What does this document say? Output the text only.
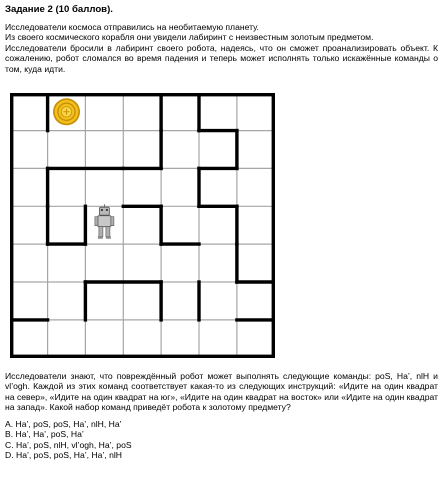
Задание 2 (10 баллов).

Исследователи космоса отправились на необитаемую планету.

Из своего космического корабля они увидели лабиринт с неизвестным золотым предметом.

Исследователи бросили в лабиринт своего робота, надеясь, что он сможет проанализировать объект. К сожалению, робот сломался во время падения и теперь может исполнять только искажённые команды о том, куда идти.

Исследователи знают, что повреждённый робот может выполнять следующие команды: poS, Ha’, nlH и vl’ogh. Каждой из этих команд соответствует какая-то из следующих инструкций: «Идите на один квадрат на север», «Идите на один квадрат на юг», «Идите на один квадрат на восток» или «Идите на один квадрат на запад». Какой набор команд приведёт робота к золотому предмету?

A. Ha’, poS, poS, Ha’, nlH, Ha’

B. Ha’, Ha’, poS, Ha’

C. Ha’, poS, nlH, vl’ogh, Ha’, poS

D. Ha’, poS, poS, Ha’, Ha’, nlH
